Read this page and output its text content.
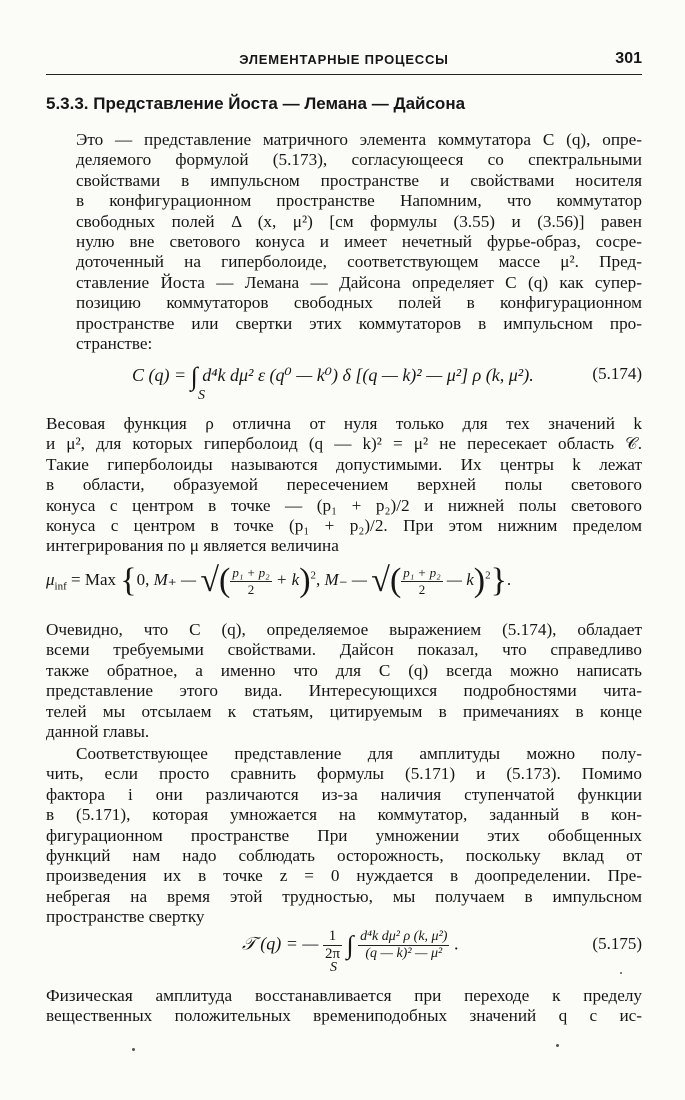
ЭЛЕМЕНТАРНЫЕ ПРОЦЕССЫ	301
5.3.3. Представление Йоста — Лемана — Дайсона
Это — представление матричного элемента коммутатора C (q), опре-
деляемого формулой (5.173), согласующееся со спектральными
свойствами в импульсном пространстве и свойствами носителя
в конфигурационном пространстве Напомним, что коммутатор
свободных полей Δ (x, μ²) [см формулы (3.55) и (3.56)] равен
нулю вне светового конуса и имеет нечетный фурье-образ, сосре-
доточенный на гиперболоиде, соответствующем массе μ². Пред-
ставление Йоста — Лемана — Дайсона определяет C (q) как супер-
позицию коммутаторов свободных полей в конфигурационном
пространстве или свертки этих коммутаторов в импульсном про-
странстве:
C (q) = ∫ d⁴k dμ² ε (q⁰ — k⁰) δ [(q — k)² — μ²] ρ (k, μ²).
S
(5.174)
Весовая функция ρ отлична от нуля только для тех значений k
и μ², для которых гиперболоид (q — k)² = μ² не пересекает область 𝒞.
Такие гиперболоиды называются допустимыми. Их центры k лежат
в области, образуемой пересечением верхней полы светового
конуса с центром в точке — (p₁ + p₂)/2 и нижней полы светового
конуса с центром в точке (p₁ + p₂)/2. При этом нижним пределом
интегрирования по μ является величина
$\mu_{inf}$ = Max {0, M₊ — √( $\frac{\text{p₁ + p₂}}{2} + k)^2$, M₋ — √( $\frac{\text{p₁ + p₂}}{2}$ — k)$^2$}.
Очевидно, что C (q), определяемое выражением (5.174), обладает
всеми требуемыми свойствами. Дайсон показал, что справедливо
также обратное, а именно что для C (q) всегда можно написать
представление этого вида. Интересующихся подробностями чита-
телей мы отсылаем к статьям, цитируемым в примечаниях в конце
данной главы.
Соответствующее представление для амплитуды можно полу-
чить, если просто сравнить формулы (5.171) и (5.173). Помимо
фактора i они различаются из-за наличия ступенчатой функции
в (5.171), которая умножается на коммутатор, заданный в кон-
фигурационном пространстве При умножении этих обобщенных
функций нам надо соблюдать осторожность, поскольку вклад от
произведения их в точке z = 0 нуждается в доопределении. Пре-
небрегая на время этой трудностью, мы получаем в импульсном
пространстве свертку
𝒯 (q) = — $\frac{1}{2\pi}$ ∫ $\frac{\text{d⁴k dμ² ρ (k, μ²)}}{\text{(q — k)² — μ²}}$ .
S
(5.175)
Физическая амплитуда восстанавливается при переходе к пределу
вещественных положительных времениподобных значений q с ис-
